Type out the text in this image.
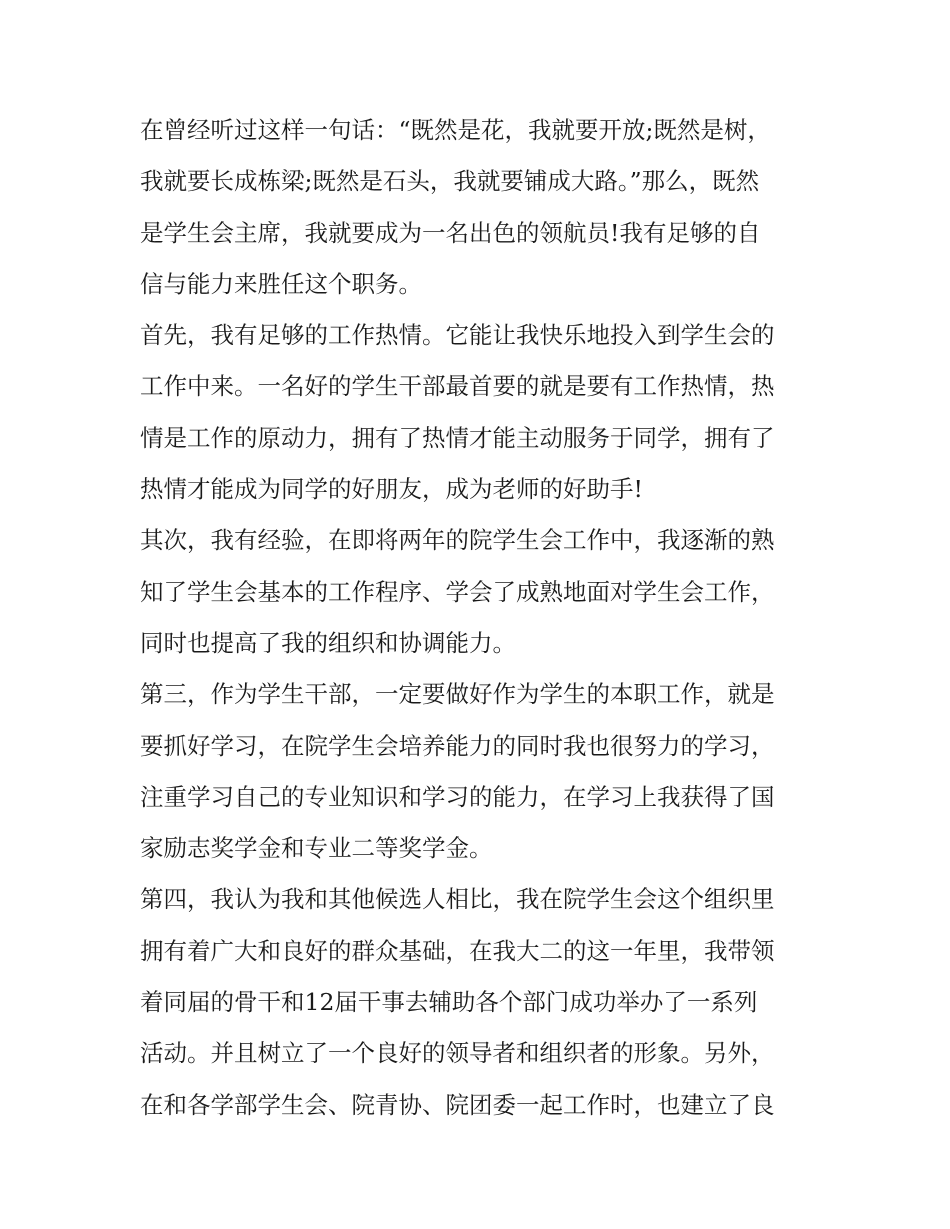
在曾经听过这样一句话：“既然是花，我就要开放;既然是树，
我就要长成栋梁;既然是石头，我就要铺成大路。”那么，既然
是学生会主席，我就要成为一名出色的领航员!我有足够的自
信与能力来胜任这个职务。
首先，我有足够的工作热情。它能让我快乐地投入到学生会的
工作中来。一名好的学生干部最首要的就是要有工作热情，热
情是工作的原动力，拥有了热情才能主动服务于同学，拥有了
热情才能成为同学的好朋友，成为老师的好助手!
其次，我有经验，在即将两年的院学生会工作中，我逐渐的熟
知了学生会基本的工作程序、学会了成熟地面对学生会工作，
同时也提高了我的组织和协调能力。
第三，作为学生干部，一定要做好作为学生的本职工作，就是
要抓好学习，在院学生会培养能力的同时我也很努力的学习，
注重学习自己的专业知识和学习的能力，在学习上我获得了国
家励志奖学金和专业二等奖学金。
第四，我认为我和其他候选人相比，我在院学生会这个组织里
拥有着广大和良好的群众基础，在我大二的这一年里，我带领
着同届的骨干和12届干事去辅助各个部门成功举办了一系列
活动。并且树立了一个良好的领导者和组织者的形象。另外，
在和各学部学生会、院青协、院团委一起工作时，也建立了良
